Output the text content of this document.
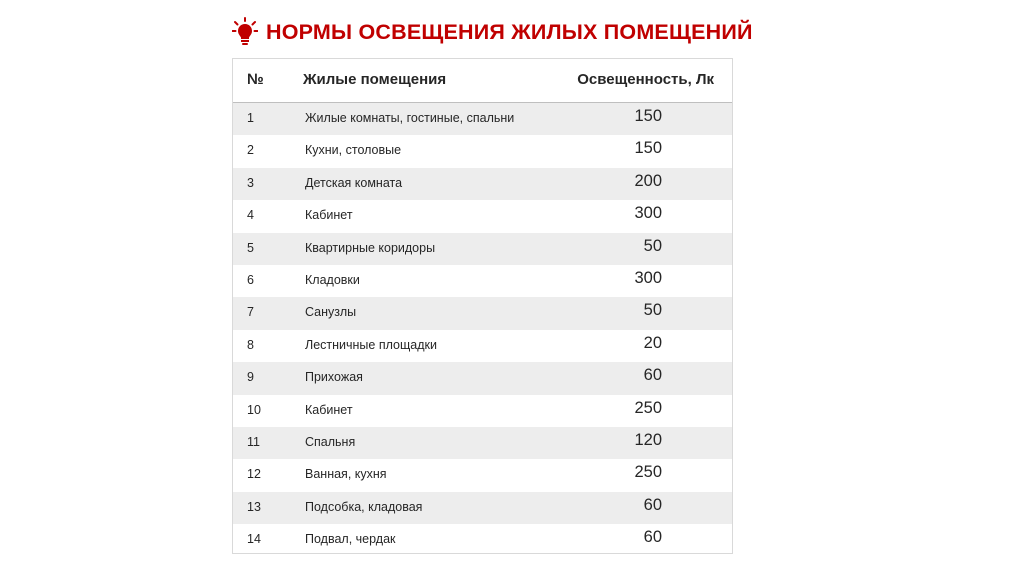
НОРМЫ ОСВЕЩЕНИЯ ЖИЛЫХ ПОМЕЩЕНИЙ
№	Жилые помещения	Освещенность, Лк
1	Жилые комнаты, гостиные, спальни	150
2	Кухни, столовые	150
3	Детская комната	200
4	Кабинет	300
5	Квартирные коридоры	50
6	Кладовки	300
7	Санузлы	50
8	Лестничные площадки	20
9	Прихожая	60
10	Кабинет	250
11	Спальня	120
12	Ванная, кухня	250
13	Подсобка, кладовая	60
14	Подвал, чердак	60
